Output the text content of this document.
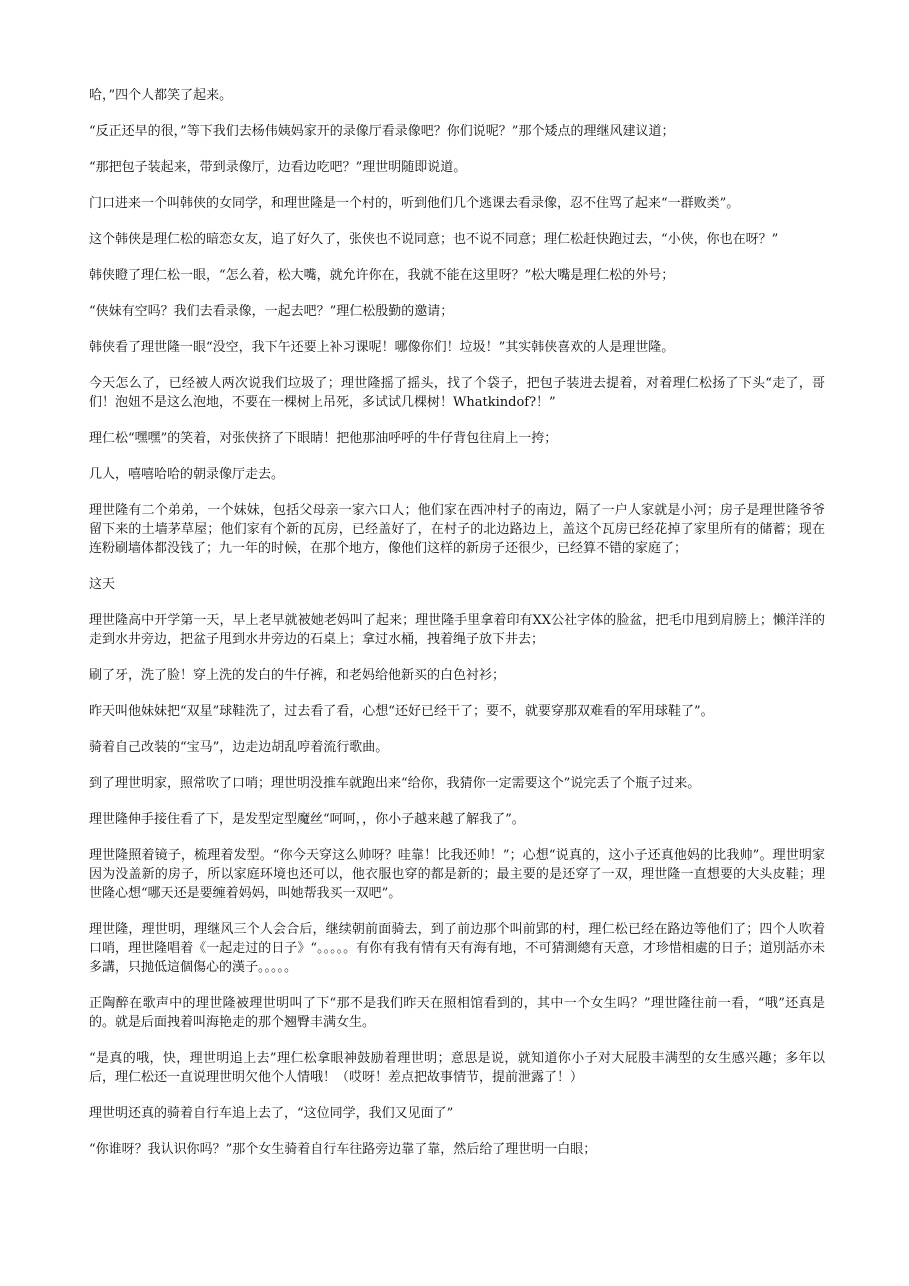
哈，”四个人都笑了起来。

“反正还早的很，”等下我们去杨伟姨妈家开的录像厅看录像吧？你们说呢？”那个矮点的理继风建议道；

“那把包子装起来，带到录像厅，边看边吃吧？”理世明随即说道。

门口进来一个叫韩侠的女同学，和理世隆是一个村的，听到他们几个逃课去看录像，忍不住骂了起来“一群败类”。

这个韩侠是理仁松的暗恋女友，追了好久了，张侠也不说同意；也不说不同意；理仁松赶快跑过去，“小侠，你也在呀？”

韩侠瞪了理仁松一眼，“怎么着，松大嘴，就允许你在，我就不能在这里呀？”松大嘴是理仁松的外号；

“侠妹有空吗？我们去看录像，一起去吧？”理仁松殷勤的邀请；

韩侠看了理世隆一眼“没空，我下午还要上补习课呢！哪像你们！垃圾！”其实韩侠喜欢的人是理世隆。

今天怎么了，已经被人两次说我们垃圾了；理世隆摇了摇头，找了个袋子，把包子装进去提着，对着理仁松扬了下头“走了，哥们！泡妞不是这么泡地，不要在一棵树上吊死，多试试几棵树！Whatkindof?！”

理仁松“嘿嘿”的笑着，对张侠挤了下眼睛！把他那油呼呼的牛仔背包往肩上一挎；

几人，嘻嘻哈哈的朝录像厅走去。

理世隆有二个弟弟，一个妹妹，包括父母亲一家六口人；他们家在西冲村子的南边，隔了一户人家就是小河；房子是理世隆爷爷留下来的土墙茅草屋；他们家有个新的瓦房，已经盖好了，在村子的北边路边上，盖这个瓦房已经花掉了家里所有的储蓄；现在连粉刷墙体都没钱了；九一年的时候，在那个地方，像他们这样的新房子还很少，已经算不错的家庭了；

这天

理世隆高中开学第一天，早上老早就被她老妈叫了起来；理世隆手里拿着印有XX公社字体的脸盆，把毛巾甩到肩膀上；懒洋洋的走到水井旁边，把盆子甩到水井旁边的石桌上；拿过水桶，拽着绳子放下井去；

刷了牙，洗了脸！穿上洗的发白的牛仔裤，和老妈给他新买的白色衬衫；

昨天叫他妹妹把“双星”球鞋洗了，过去看了看，心想“还好已经干了；要不，就要穿那双难看的军用球鞋了”。

骑着自己改装的“宝马”，边走边胡乱哼着流行歌曲。

到了理世明家，照常吹了口哨；理世明没推车就跑出来“给你，我猜你一定需要这个”说完丢了个瓶子过来。

理世隆伸手接住看了下，是发型定型魔丝“呵呵，，你小子越来越了解我了”。

理世隆照着镜子，梳理着发型。“你今天穿这么帅呀？哇靠！比我还帅！”；心想“说真的，这小子还真他妈的比我帅”。理世明家因为没盖新的房子，所以家庭环境也还可以，他衣服也穿的都是新的；最主要的是还穿了一双，理世隆一直想要的大头皮鞋；理世隆心想“哪天还是要缠着妈妈，叫她帮我买一双吧”。

理世隆，理世明，理继风三个人会合后，继续朝前面骑去，到了前边那个叫前郢的村，理仁松已经在路边等他们了；四个人吹着口哨，理世隆唱着《一起走过的日子》“。。。。。有你有我有情有天有海有地，不可猜測總有天意，才珍惜相處的日子；道別話亦未多講，只抛低這個傷心的漢子。。。。。

正陶醉在歌声中的理世隆被理世明叫了下“那不是我们昨天在照相馆看到的，其中一个女生吗？”理世隆往前一看，“哦”还真是的。就是后面拽着叫海艳走的那个翘臀丰满女生。

“是真的哦，快，理世明追上去”理仁松拿眼神鼓励着理世明；意思是说，就知道你小子对大屁股丰满型的女生感兴趣；多年以后，理仁松还一直说理世明欠他个人情哦！（哎呀！差点把故事情节，提前泄露了！）

理世明还真的骑着自行车追上去了，“这位同学，我们又见面了”

“你谁呀？我认识你吗？”那个女生骑着自行车往路旁边靠了靠，然后给了理世明一白眼；
